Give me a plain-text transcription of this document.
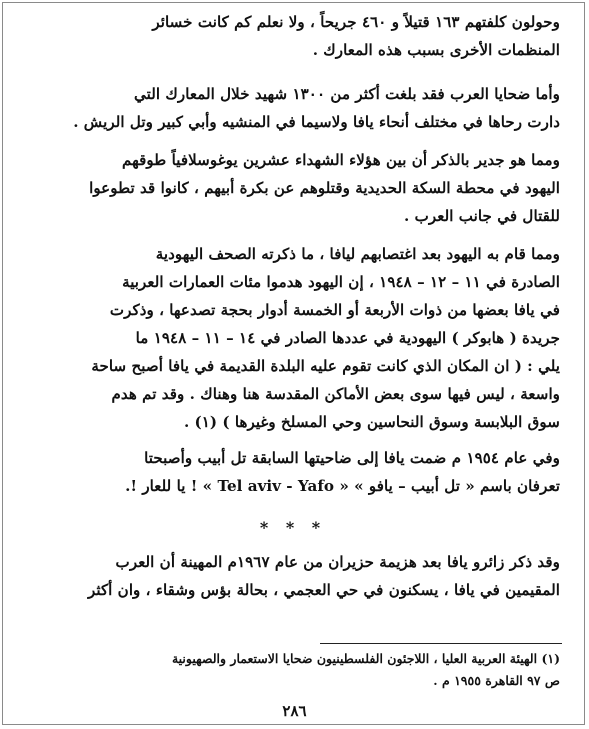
وحولون كلفتهم ١٦٣ قتيلاً و ٤٦٠ جريحاً ، ولا نعلم كم كانت خسائر
المنظمات الأخرى بسبب هذه المعارك .

وأما ضحايا العرب فقد بلغت أكثر من ١٣٠٠ شهيد خلال المعارك التي
دارت رحاها في مختلف أنحاء يافا ولاسيما في المنشيه وأبي كبير وتل الريش .

ومما هو جدير بالذكر أن بين هؤلاء الشهداء عشرين يوغوسلافياً طوقهم
اليهود في محطة السكة الحديدية وقتلوهم عن بكرة أبيهم ، كانوا قد تطوعوا
للقتال في جانب العرب .

ومما قام به اليهود بعد اغتصابهم ليافا ، ما ذكرته الصحف اليهودية
الصادرة في ١١ – ١٢ – ١٩٤٨ ، إن اليهود هدموا مئات العمارات العربية
في يافا بعضها من ذوات الأربعة أو الخمسة أدوار بحجة تصدعها ، وذكرت
جريدة ( هابوكر ) اليهودية في عددها الصادر في ١٤ – ١١ – ١٩٤٨ ما
يلي : ( ان المكان الذي كانت تقوم عليه البلدة القديمة في يافا أصبح ساحة
واسعة ، ليس فيها سوى بعض الأماكن المقدسة هنا وهناك . وقد تم هدم
سوق البلابسة وسوق النحاسين وحي المسلخ وغيرها ) (١) .

وفي عام ١٩٥٤ م ضمت يافا إلى ضاحيتها السابقة تل أبيب وأصبحتا
تعرفان باسم « تل أبيب – يافو » « Tel aviv - Yafo » ! يا للعار !.

* * *

وقد ذكر زائرو يافا بعد هزيمة حزيران من عام ١٩٦٧م المهينة أن العرب
المقيمين في يافا ، يسكنون في حي العجمي ، بحالة بؤس وشقاء ، وان أكثر

(١) الهيئة العربية العليا ، اللاجئون الفلسطينيون ضحايا الاستعمار والصهيونية
ص ٩٧ القاهرة ١٩٥٥ م .
٢٨٦
